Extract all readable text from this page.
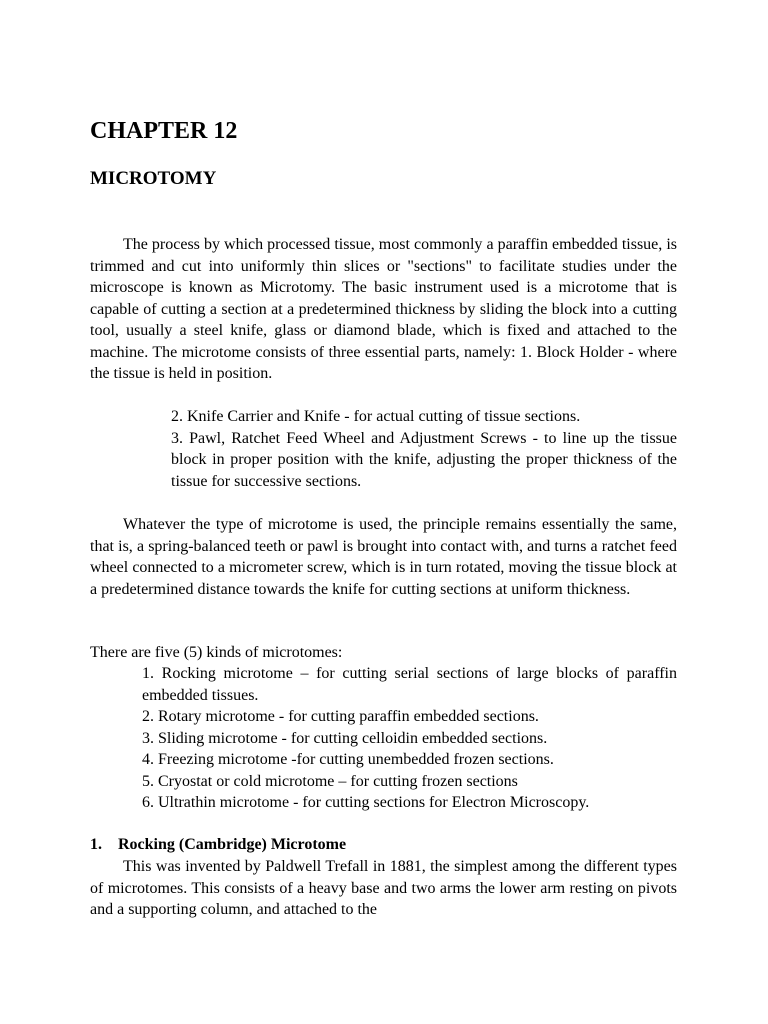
CHAPTER 12
MICROTOMY

The process by which processed tissue, most commonly a paraffin embedded tissue, is trimmed and cut into uniformly thin slices or "sections" to facilitate studies under the microscope is known as Microtomy. The basic instrument used is a microtome that is capable of cutting a section at a predetermined thickness by sliding the block into a cutting tool, usually a steel knife, glass or diamond blade, which is fixed and attached to the machine. The microtome consists of three essential parts, namely: 1. Block Holder - where the tissue is held in position.

2. Knife Carrier and Knife - for actual cutting of tissue sections.
3. Pawl, Ratchet Feed Wheel and Adjustment Screws - to line up the tissue block in proper position with the knife, adjusting the proper thickness of the tissue for successive sections.

Whatever the type of microtome is used, the principle remains essentially the same, that is, a spring-balanced teeth or pawl is brought into contact with, and turns a ratchet feed wheel connected to a micrometer screw, which is in turn rotated, moving the tissue block at a predetermined distance towards the knife for cutting sections at uniform thickness.

There are five (5) kinds of microtomes:

1. Rocking microtome – for cutting serial sections of large blocks of paraffin embedded tissues.
2. Rotary microtome - for cutting paraffin embedded sections.
3. Sliding microtome - for cutting celloidin embedded sections.
4. Freezing microtome -for cutting unembedded frozen sections.
5. Cryostat or cold microtome – for cutting frozen sections
6. Ultrathin microtome - for cutting sections for Electron Microscopy.
1. Rocking (Cambridge) Microtome

This was invented by Paldwell Trefall in 1881, the simplest among the different types of microtomes. This consists of a heavy base and two arms the lower arm resting on pivots and a supporting column, and attached to the
